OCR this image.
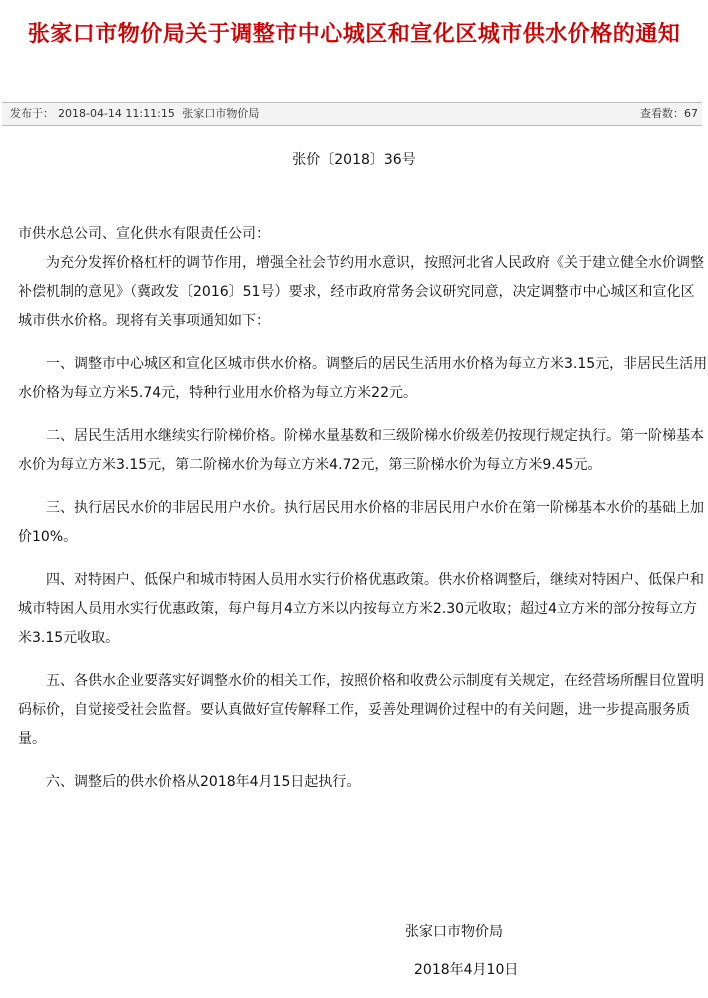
张家口市物价局关于调整市中心城区和宣化区城市供水价格的通知
发布于： 2018-04-14 11:11:15 张家口市物价局	查看数：67
张价〔2018〕36号

市供水总公司、宣化供水有限责任公司：

为充分发挥价格杠杆的调节作用，增强全社会节约用水意识，按照河北省人民政府《关于建立健全水价调整补偿机制的意见》（冀政发〔2016〕51号）要求，经市政府常务会议研究同意，决定调整市中心城区和宣化区城市供水价格。现将有关事项通知如下：

一、调整市中心城区和宣化区城市供水价格。调整后的居民生活用水价格为每立方米3.15元，非居民生活用水价格为每立方米5.74元，特种行业用水价格为每立方米22元。

二、居民生活用水继续实行阶梯价格。阶梯水量基数和三级阶梯水价级差仍按现行规定执行。第一阶梯基本水价为每立方米3.15元，第二阶梯水价为每立方米4.72元，第三阶梯水价为每立方米9.45元。

三、执行居民水价的非居民用户水价。执行居民用水价格的非居民用户水价在第一阶梯基本水价的基础上加价10%。

四、对特困户、低保户和城市特困人员用水实行价格优惠政策。供水价格调整后，继续对特困户、低保户和城市特困人员用水实行优惠政策，每户每月4立方米以内按每立方米2.30元收取；超过4立方米的部分按每立方米3.15元收取。

五、各供水企业要落实好调整水价的相关工作，按照价格和收费公示制度有关规定，在经营场所醒目位置明码标价，自觉接受社会监督。要认真做好宣传解释工作，妥善处理调价过程中的有关问题，进一步提高服务质量。

六、调整后的供水价格从2018年4月15日起执行。

张家口市物价局
2018年4月10日
